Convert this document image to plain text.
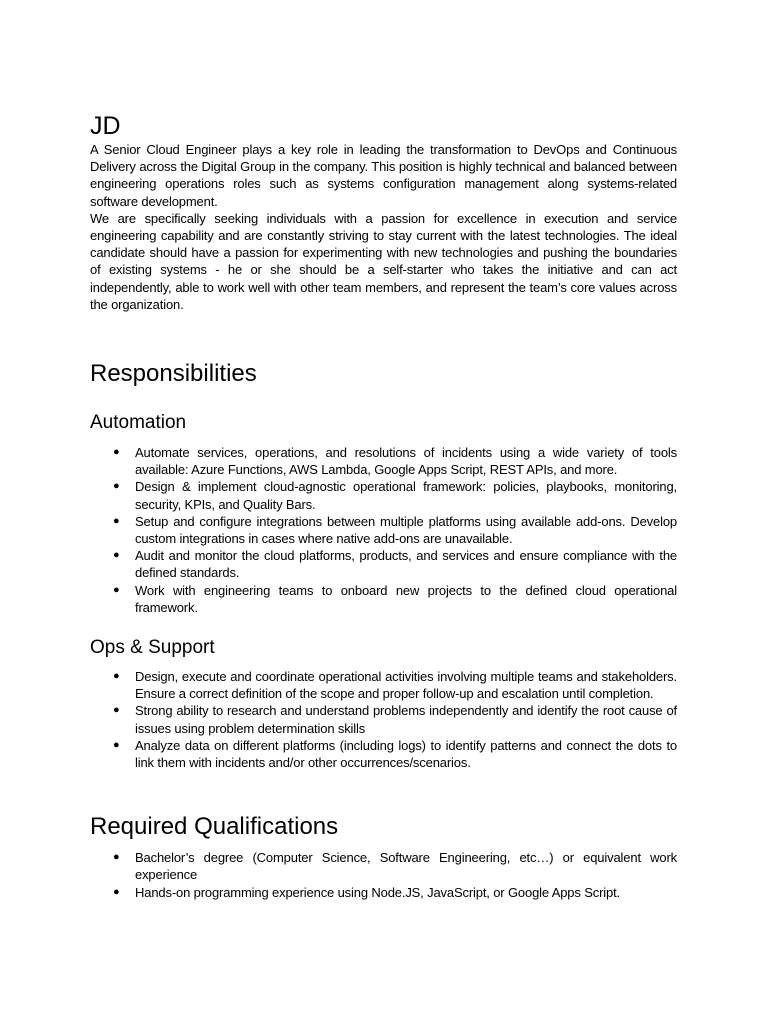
JD

A Senior Cloud Engineer plays a key role in leading the transformation to DevOps and Continuous Delivery across the Digital Group in the company. This position is highly technical and balanced between engineering operations roles such as systems configuration management along systems-related software development.

We are specifically seeking individuals with a passion for excellence in execution and service engineering capability and are constantly striving to stay current with the latest technologies. The ideal candidate should have a passion for experimenting with new technologies and pushing the boundaries of existing systems - he or she should be a self-starter who takes the initiative and can act independently, able to work well with other team members, and represent the team’s core values across the organization.

Responsibilities
Automation
● Automate services, operations, and resolutions of incidents using a wide variety of tools available: Azure Functions, AWS Lambda, Google Apps Script, REST APIs, and more.
● Design & implement cloud-agnostic operational framework: policies, playbooks, monitoring, security, KPIs, and Quality Bars.
● Setup and configure integrations between multiple platforms using available add-ons. Develop custom integrations in cases where native add-ons are unavailable.
● Audit and monitor the cloud platforms, products, and services and ensure compliance with the defined standards.
● Work with engineering teams to onboard new projects to the defined cloud operational framework.
Ops & Support
● Design, execute and coordinate operational activities involving multiple teams and stakeholders. Ensure a correct definition of the scope and proper follow-up and escalation until completion.
● Strong ability to research and understand problems independently and identify the root cause of issues using problem determination skills
● Analyze data on different platforms (including logs) to identify patterns and connect the dots to link them with incidents and/or other occurrences/scenarios.
Required Qualifications
● Bachelor’s degree (Computer Science, Software Engineering, etc…) or equivalent work experience
● Hands-on programming experience using Node.JS, JavaScript, or Google Apps Script.
